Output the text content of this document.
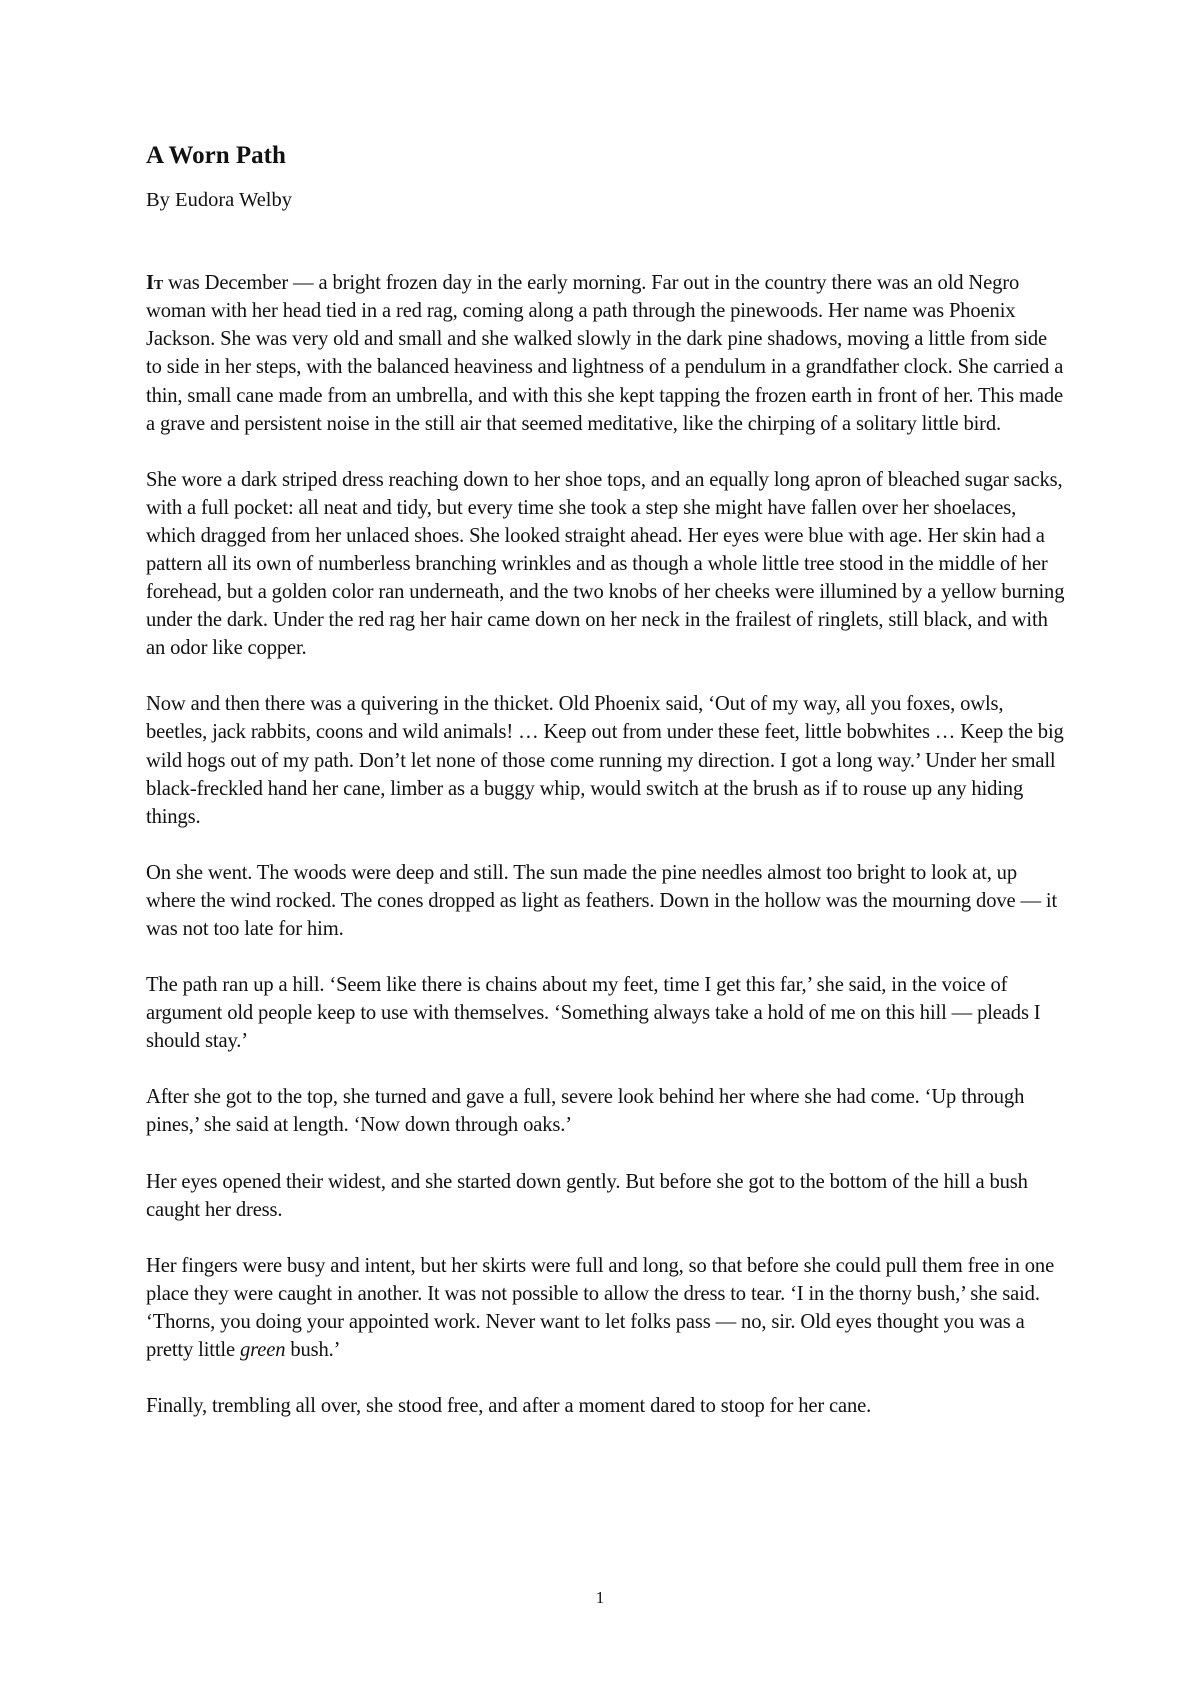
A Worn Path
By Eudora Welby

It was December — a bright frozen day in the early morning. Far out in the country there was an old Negro woman with her head tied in a red rag, coming along a path through the pinewoods. Her name was Phoenix Jackson. She was very old and small and she walked slowly in the dark pine shadows, moving a little from side to side in her steps, with the balanced heaviness and lightness of a pendulum in a grandfather clock. She carried a thin, small cane made from an umbrella, and with this she kept tapping the frozen earth in front of her. This made a grave and persistent noise in the still air that seemed meditative, like the chirping of a solitary little bird.

She wore a dark striped dress reaching down to her shoe tops, and an equally long apron of bleached sugar sacks, with a full pocket: all neat and tidy, but every time she took a step she might have fallen over her shoelaces, which dragged from her unlaced shoes. She looked straight ahead. Her eyes were blue with age. Her skin had a pattern all its own of numberless branching wrinkles and as though a whole little tree stood in the middle of her forehead, but a golden color ran underneath, and the two knobs of her cheeks were illumined by a yellow burning under the dark. Under the red rag her hair came down on her neck in the frailest of ringlets, still black, and with an odor like copper.

Now and then there was a quivering in the thicket. Old Phoenix said, ‘Out of my way, all you foxes, owls, beetles, jack rabbits, coons and wild animals! … Keep out from under these feet, little bobwhites … Keep the big wild hogs out of my path. Don’t let none of those come running my direction. I got a long way.’ Under her small black-freckled hand her cane, limber as a buggy whip, would switch at the brush as if to rouse up any hiding things.

On she went. The woods were deep and still. The sun made the pine needles almost too bright to look at, up where the wind rocked. The cones dropped as light as feathers. Down in the hollow was the mourning dove — it was not too late for him.

The path ran up a hill. ‘Seem like there is chains about my feet, time I get this far,’ she said, in the voice of argument old people keep to use with themselves. ‘Something always take a hold of me on this hill — pleads I should stay.’

After she got to the top, she turned and gave a full, severe look behind her where she had come. ‘Up through pines,’ she said at length. ‘Now down through oaks.’

Her eyes opened their widest, and she started down gently. But before she got to the bottom of the hill a bush caught her dress.

Her fingers were busy and intent, but her skirts were full and long, so that before she could pull them free in one place they were caught in another. It was not possible to allow the dress to tear. ‘I in the thorny bush,’ she said. ‘Thorns, you doing your appointed work. Never want to let folks pass — no, sir. Old eyes thought you was a pretty little green bush.’

Finally, trembling all over, she stood free, and after a moment dared to stoop for her cane.

1
